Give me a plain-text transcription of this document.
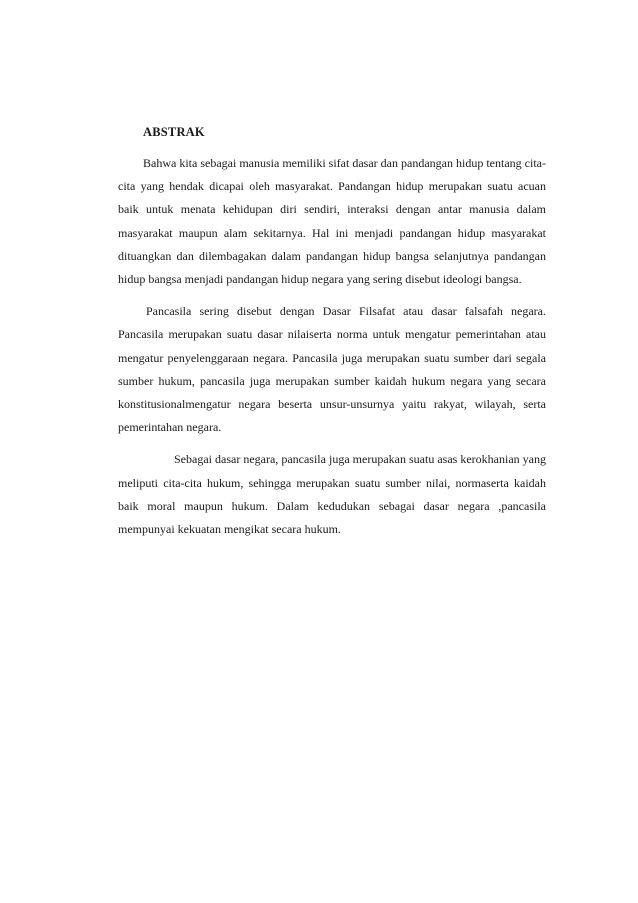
ABSTRAK

Bahwa kita sebagai manusia memiliki sifat dasar dan pandangan hidup tentang cita-cita yang hendak dicapai oleh masyarakat. Pandangan hidup merupakan suatu acuan baik untuk menata kehidupan diri sendiri, interaksi dengan antar manusia dalam masyarakat maupun alam sekitarnya. Hal ini menjadi pandangan hidup masyarakat dituangkan dan dilembagakan dalam pandangan hidup bangsa selanjutnya pandangan hidup bangsa menjadi pandangan hidup negara yang sering disebut ideologi bangsa.

Pancasila sering disebut dengan Dasar Filsafat atau dasar falsafah negara. Pancasila merupakan suatu dasar nilaiserta norma untuk mengatur pemerintahan atau mengatur penyelenggaraan negara. Pancasila juga merupakan suatu sumber dari segala sumber hukum, pancasila juga merupakan sumber kaidah hukum negara yang secara konstitusionalmengatur negara beserta unsur-unsurnya yaitu rakyat, wilayah, serta pemerintahan negara.

Sebagai dasar negara, pancasila juga merupakan suatu asas kerokhanian yang meliputi cita-cita hukum, sehingga merupakan suatu sumber nilai, normaserta kaidah baik moral maupun hukum. Dalam kedudukan sebagai dasar negara ,pancasila mempunyai kekuatan mengikat secara hukum.
